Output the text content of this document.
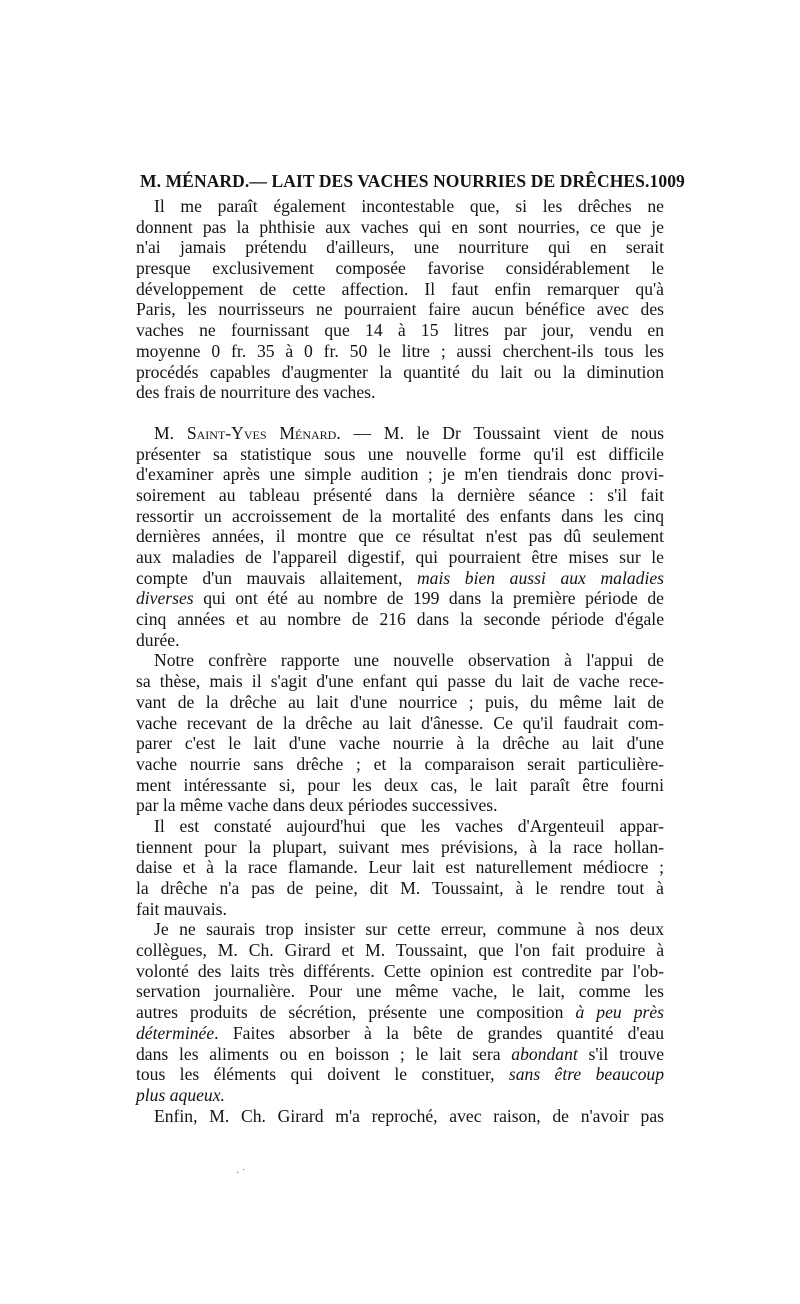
M. MÉNARD. — LAIT DES VACHES NOURRIES DE DRÊCHES. 1009
Il me paraît également incontestable que, si les drêches ne
donnent pas la phthisie aux vaches qui en sont nourries, ce que je
n'ai jamais prétendu d'ailleurs, une nourriture qui en serait
presque exclusivement composée favorise considérablement le
développement de cette affection. Il faut enfin remarquer qu'à
Paris, les nourrisseurs ne pourraient faire aucun bénéfice avec des
vaches ne fournissant que 14 à 15 litres par jour, vendu en
moyenne 0 fr. 35 à 0 fr. 50 le litre ; aussi cherchent-ils tous les
procédés capables d'augmenter la quantité du lait ou la diminution
des frais de nourriture des vaches.
M. Saint-Yves Ménard. — M. le Dr Toussaint vient de nous
présenter sa statistique sous une nouvelle forme qu'il est difficile
d'examiner après une simple audition ; je m'en tiendrais donc provi-
soirement au tableau présenté dans la dernière séance : s'il fait
ressortir un accroissement de la mortalité des enfants dans les cinq
dernières années, il montre que ce résultat n'est pas dû seulement
aux maladies de l'appareil digestif, qui pourraient être mises sur le
compte d'un mauvais allaitement, mais bien aussi aux maladies
diverses qui ont été au nombre de 199 dans la première période de
cinq années et au nombre de 216 dans la seconde période d'égale
durée.
Notre confrère rapporte une nouvelle observation à l'appui de
sa thèse, mais il s'agit d'une enfant qui passe du lait de vache rece-
vant de la drêche au lait d'une nourrice ; puis, du même lait de
vache recevant de la drêche au lait d'ânesse. Ce qu'il faudrait com-
parer c'est le lait d'une vache nourrie à la drêche au lait d'une
vache nourrie sans drêche ; et la comparaison serait particulière-
ment intéressante si, pour les deux cas, le lait paraît être fourni
par la même vache dans deux périodes successives.
Il est constaté aujourd'hui que les vaches d'Argenteuil appar-
tiennent pour la plupart, suivant mes prévisions, à la race hollan-
daise et à la race flamande. Leur lait est naturellement médiocre ;
la drêche n'a pas de peine, dit M. Toussaint, à le rendre tout à
fait mauvais.
Je ne saurais trop insister sur cette erreur, commune à nos deux
collègues, M. Ch. Girard et M. Toussaint, que l'on fait produire à
volonté des laits très différents. Cette opinion est contredite par l'ob-
servation journalière. Pour une même vache, le lait, comme les
autres produits de sécrétion, présente une composition à peu près
déterminée. Faites absorber à la bête de grandes quantité d'eau
dans les aliments ou en boisson ; le lait sera abondant s'il trouve
tous les éléments qui doivent le constituer, sans être beaucoup
plus aqueux.
Enfin, M. Ch. Girard m'a reproché, avec raison, de n'avoir pas
· ˙
